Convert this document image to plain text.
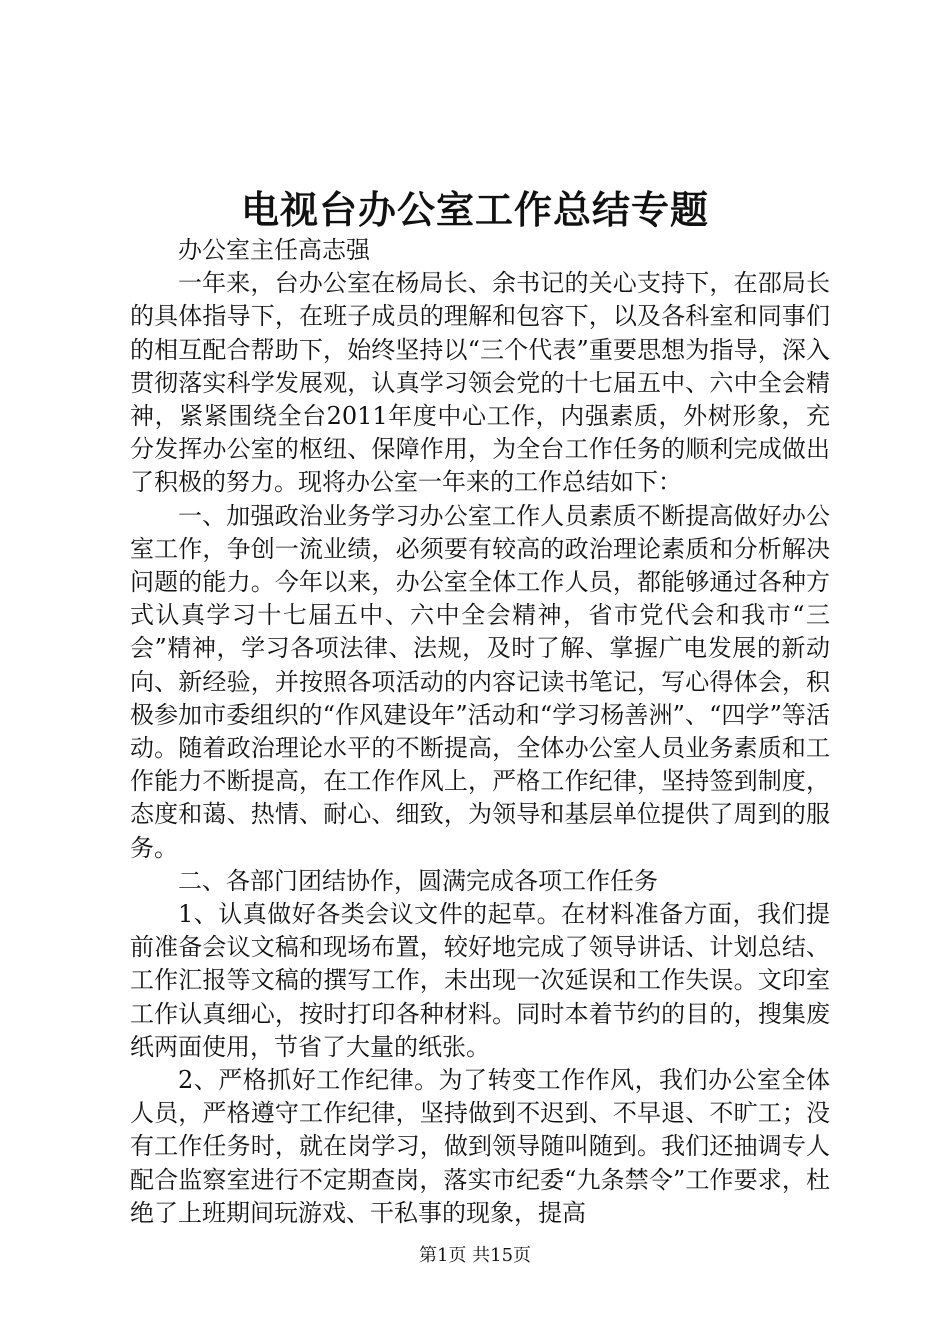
电视台办公室工作总结专题

办公室主任高志强

一年来，台办公室在杨局长、余书记的关心支持下，在邵局长的具体指导下，在班子成员的理解和包容下，以及各科室和同事们的相互配合帮助下，始终坚持以“三个代表”重要思想为指导，深入贯彻落实科学发展观，认真学习领会党的十七届五中、六中全会精神，紧紧围绕全台2011年度中心工作，内强素质，外树形象，充分发挥办公室的枢纽、保障作用，为全台工作任务的顺利完成做出了积极的努力。现将办公室一年来的工作总结如下：

一、加强政治业务学习办公室工作人员素质不断提高做好办公室工作，争创一流业绩，必须要有较高的政治理论素质和分析解决问题的能力。今年以来，办公室全体工作人员，都能够通过各种方式认真学习十七届五中、六中全会精神，省市党代会和我市“三会”精神，学习各项法律、法规，及时了解、掌握广电发展的新动向、新经验，并按照各项活动的内容记读书笔记，写心得体会，积极参加市委组织的“作风建设年”活动和“学习杨善洲”、“四学”等活动。随着政治理论水平的不断提高，全体办公室人员业务素质和工作能力不断提高，在工作作风上，严格工作纪律，坚持签到制度，态度和蔼、热情、耐心、细致，为领导和基层单位提供了周到的服务。

二、各部门团结协作，圆满完成各项工作任务

1、认真做好各类会议文件的起草。在材料准备方面，我们提前准备会议文稿和现场布置，较好地完成了领导讲话、计划总结、工作汇报等文稿的撰写工作，未出现一次延误和工作失误。文印室工作认真细心，按时打印各种材料。同时本着节约的目的，搜集废纸两面使用，节省了大量的纸张。

2、严格抓好工作纪律。为了转变工作作风，我们办公室全体人员，严格遵守工作纪律，坚持做到不迟到、不早退、不旷工；没有工作任务时，就在岗学习，做到领导随叫随到。我们还抽调专人配合监察室进行不定期查岗，落实市纪委“九条禁令”工作要求，杜绝了上班期间玩游戏、干私事的现象，提高

第1页 共15页
